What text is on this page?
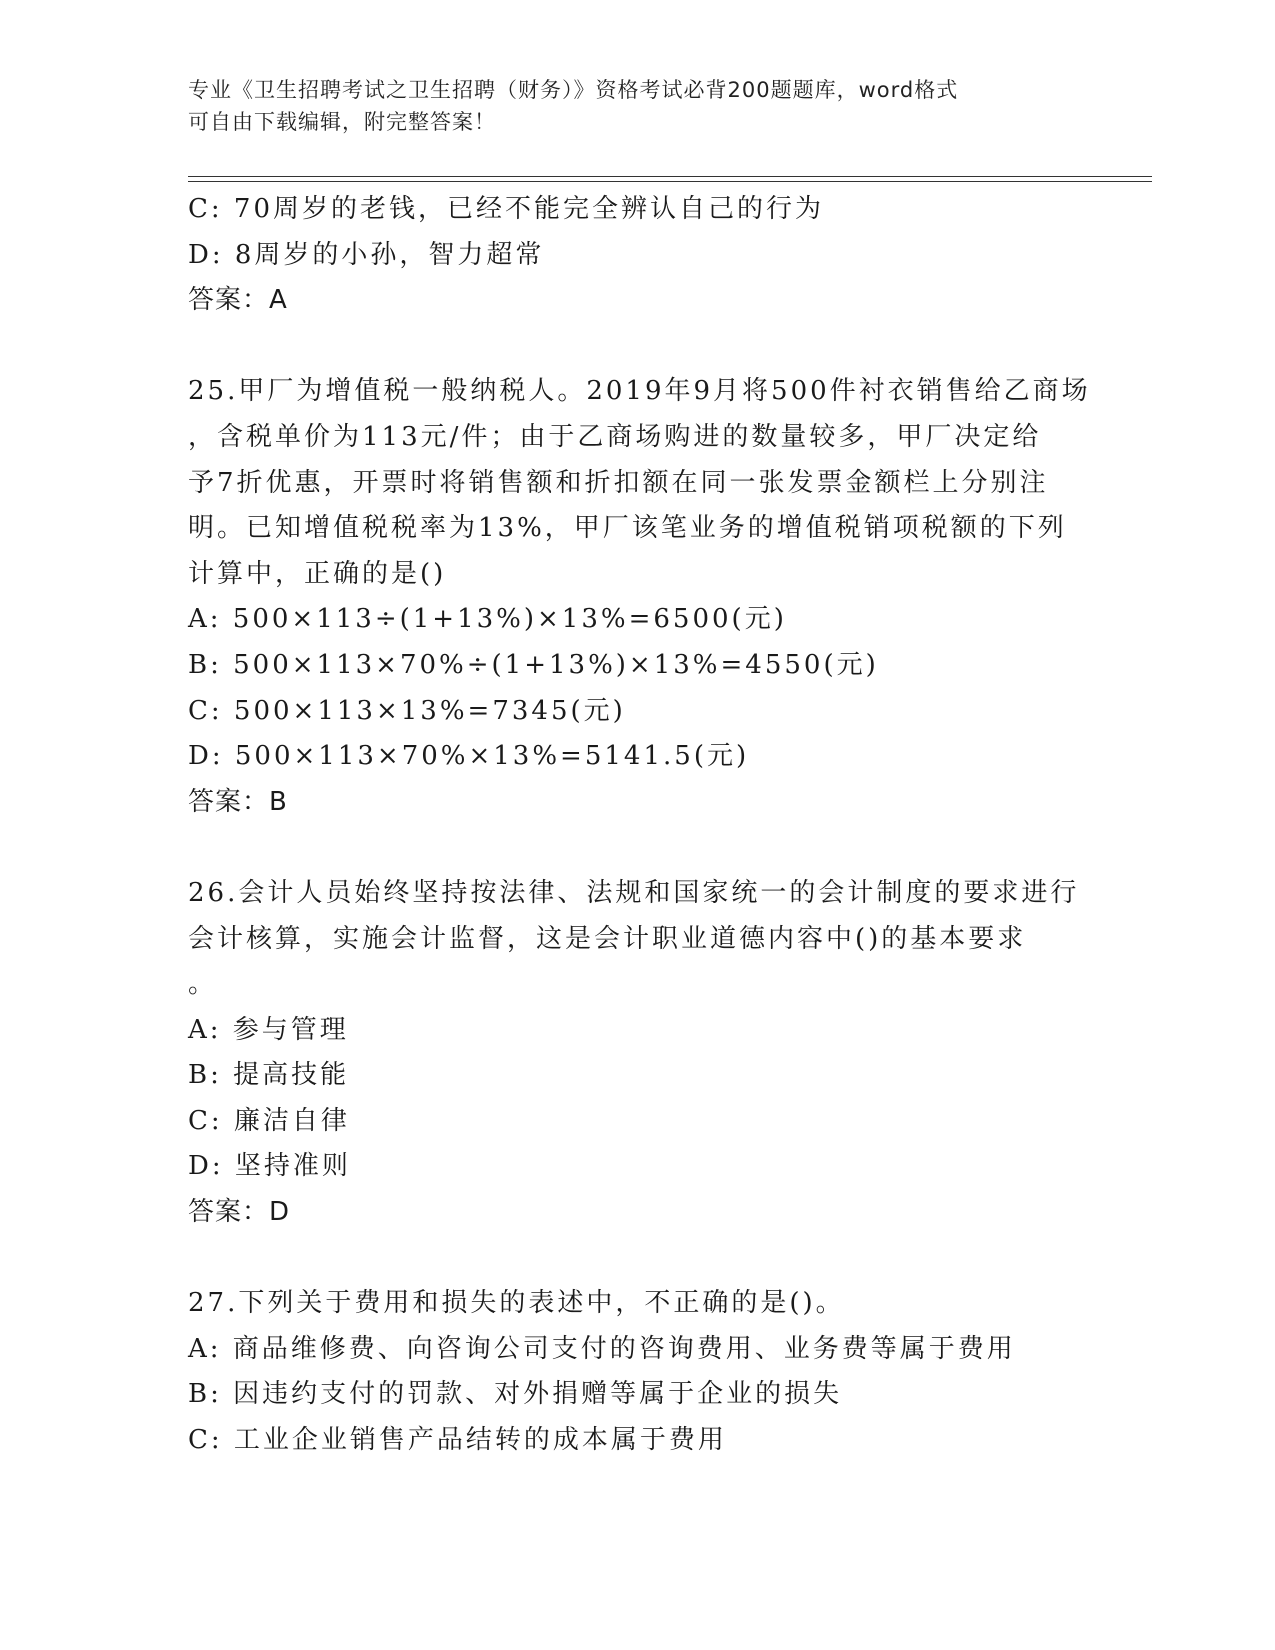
专业《卫生招聘考试之卫生招聘（财务）》资格考试必背200题题库，word格式
可自由下载编辑，附完整答案！
C: 70周岁的老钱，已经不能完全辨认自己的行为
D: 8周岁的小孙，智力超常
答案：A
25.甲厂为增值税一般纳税人。2019年9月将500件衬衣销售给乙商场
，含税单价为113元/件；由于乙商场购进的数量较多，甲厂决定给
予7折优惠，开票时将销售额和折扣额在同一张发票金额栏上分别注
明。已知增值税税率为13%，甲厂该笔业务的增值税销项税额的下列
计算中，正确的是()
A: 500×113÷(1+13%)×13%=6500(元)
B: 500×113×70%÷(1+13%)×13%=4550(元)
C: 500×113×13%=7345(元)
D: 500×113×70%×13%=5141.5(元)
答案：B
26.会计人员始终坚持按法律、法规和国家统一的会计制度的要求进行
会计核算，实施会计监督，这是会计职业道德内容中()的基本要求
。
A: 参与管理
B: 提高技能
C: 廉洁自律
D: 坚持准则
答案：D
27.下列关于费用和损失的表述中，不正确的是()。
A: 商品维修费、向咨询公司支付的咨询费用、业务费等属于费用
B: 因违约支付的罚款、对外捐赠等属于企业的损失
C: 工业企业销售产品结转的成本属于费用
